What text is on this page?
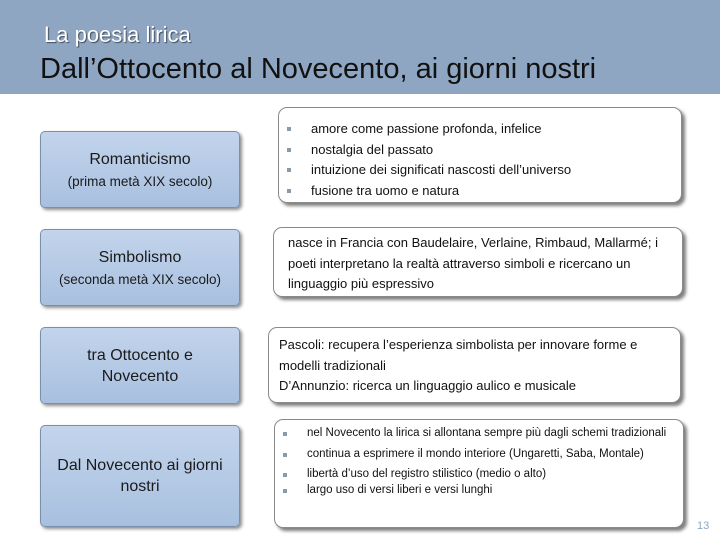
La poesia lirica
Dall’Ottocento al Novecento, ai giorni nostri
Romanticismo
(prima metà XIX secolo)
amore come passione profonda, infelice
nostalgia del passato
intuizione dei significati nascosti dell’universo
fusione tra uomo e natura
Simbolismo
(seconda metà XIX secolo)
nasce in Francia con Baudelaire, Verlaine, Rimbaud, Mallarmé; i poeti interpretano la realtà attraverso simboli e ricercano un linguaggio più espressivo
tra Ottocento e Novecento
Pascoli: recupera l’esperienza simbolista per innovare forme e modelli tradizionali
D’Annunzio: ricerca un linguaggio aulico e musicale
Dal Novecento ai giorni nostri
nel Novecento la lirica si allontana sempre più dagli schemi tradizionali
continua a esprimere il mondo interiore (Ungaretti, Saba, Montale)
libertà d’uso del registro stilistico (medio o alto)
largo uso di versi liberi e versi lunghi
13
